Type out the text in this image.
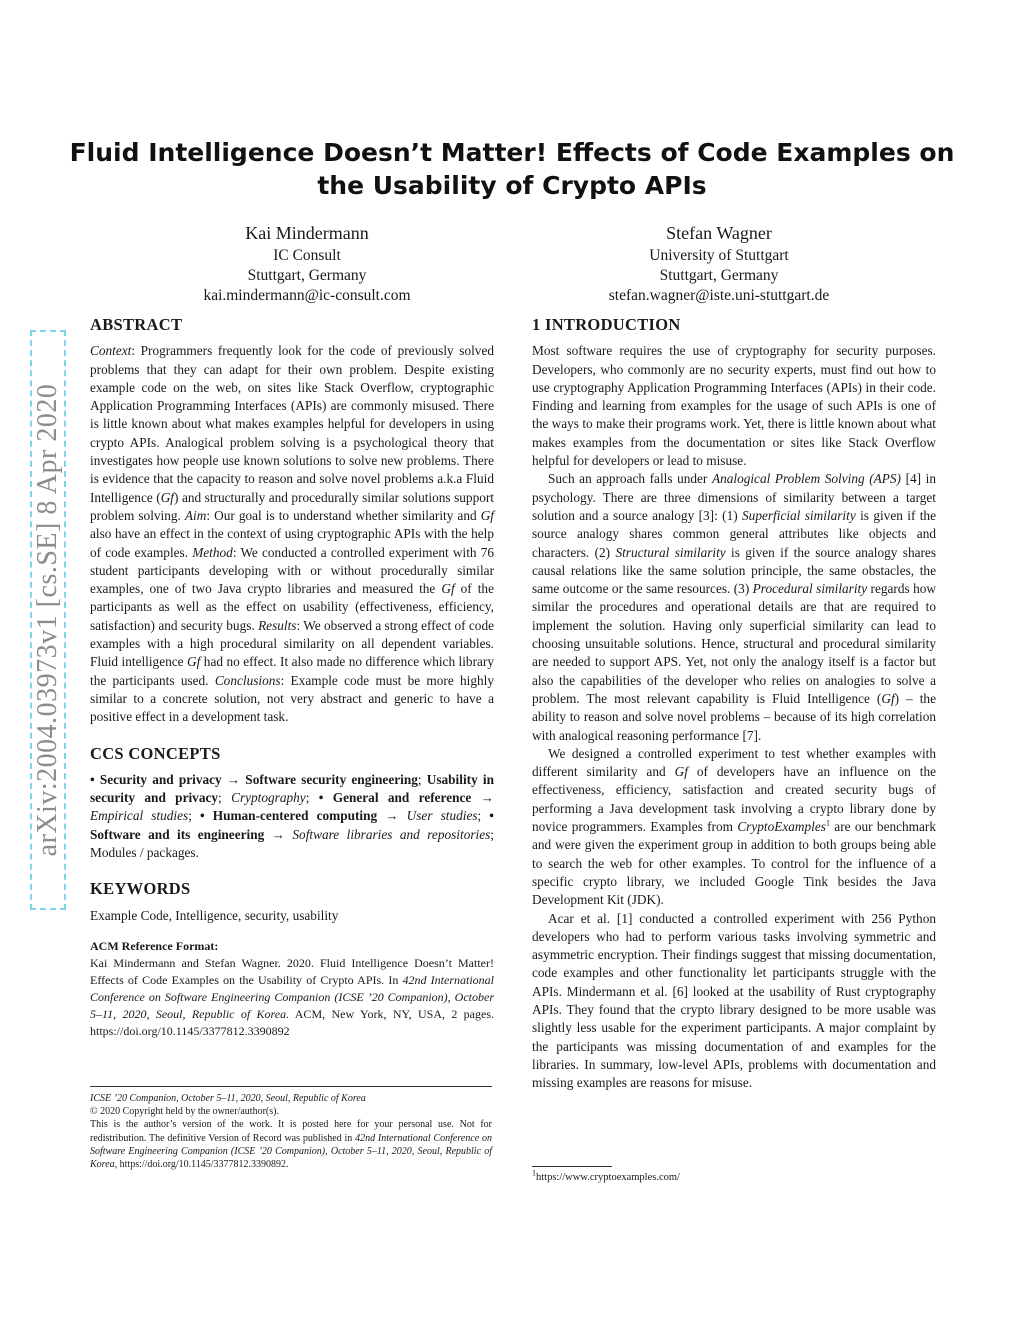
Fluid Intelligence Doesn’t Matter! Effects of Code Examples on the Usability of Crypto APIs
Kai Mindermann
IC Consult
Stuttgart, Germany
kai.mindermann@ic-consult.com
Stefan Wagner
University of Stuttgart
Stuttgart, Germany
stefan.wagner@iste.uni-stuttgart.de
arXiv:2004.03973v1 [cs.SE] 8 Apr 2020
ABSTRACT

Context: Programmers frequently look for the code of previously solved problems that they can adapt for their own problem. Despite existing example code on the web, on sites like Stack Overflow, cryptographic Application Programming Interfaces (APIs) are commonly misused. There is little known about what makes examples helpful for developers in using crypto APIs. Analogical problem solving is a psychological theory that investigates how people use known solutions to solve new problems. There is evidence that the capacity to reason and solve novel problems a.k.a Fluid Intelligence (Gf) and structurally and procedurally similar solutions support problem solving. Aim: Our goal is to understand whether similarity and Gf also have an effect in the context of using cryptographic APIs with the help of code examples. Method: We conducted a controlled experiment with 76 student participants developing with or without procedurally similar examples, one of two Java crypto libraries and measured the Gf of the participants as well as the effect on usability (effectiveness, efficiency, satisfaction) and security bugs. Results: We observed a strong effect of code examples with a high procedural similarity on all dependent variables. Fluid intelligence Gf had no effect. It also made no difference which library the participants used. Conclusions: Example code must be more highly similar to a concrete solution, not very abstract and generic to have a positive effect in a development task.

CCS CONCEPTS

• Security and privacy → Software security engineering; Usability in security and privacy; Cryptography; • General and reference → Empirical studies; • Human-centered computing → User studies; • Software and its engineering → Software libraries and repositories; Modules / packages.

KEYWORDS

Example Code, Intelligence, security, usability

ACM Reference Format:

Kai Mindermann and Stefan Wagner. 2020. Fluid Intelligence Doesn’t Matter! Effects of Code Examples on the Usability of Crypto APIs. In 42nd International Conference on Software Engineering Companion (ICSE ’20 Companion), October 5–11, 2020, Seoul, Republic of Korea. ACM, New York, NY, USA, 2 pages. https://doi.org/10.1145/3377812.3390892

ICSE ’20 Companion, October 5–11, 2020, Seoul, Republic of Korea
© 2020 Copyright held by the owner/author(s).
This is the author’s version of the work. It is posted here for your personal use. Not for redistribution. The definitive Version of Record was published in 42nd International Conference on Software Engineering Companion (ICSE ’20 Companion), October 5–11, 2020, Seoul, Republic of Korea, https://doi.org/10.1145/3377812.3390892.
1 INTRODUCTION

Most software requires the use of cryptography for security purposes. Developers, who commonly are no security experts, must find out how to use cryptography Application Programming Interfaces (APIs) in their code. Finding and learning from examples for the usage of such APIs is one of the ways to make their programs work. Yet, there is little known about what makes examples from the documentation or sites like Stack Overflow helpful for developers or lead to misuse.

Such an approach falls under Analogical Problem Solving (APS) [4] in psychology. There are three dimensions of similarity between a target solution and a source analogy [3]: (1) Superficial similarity is given if the source analogy shares common general attributes like objects and characters. (2) Structural similarity is given if the source analogy shares causal relations like the same solution principle, the same obstacles, the same outcome or the same resources. (3) Procedural similarity regards how similar the procedures and operational details are that are required to implement the solution. Having only superficial similarity can lead to choosing unsuitable solutions. Hence, structural and procedural similarity are needed to support APS. Yet, not only the analogy itself is a factor but also the capabilities of the developer who relies on analogies to solve a problem. The most relevant capability is Fluid Intelligence (Gf) – the ability to reason and solve novel problems – because of its high correlation with analogical reasoning performance [7].

We designed a controlled experiment to test whether examples with different similarity and Gf of developers have an influence on the effectiveness, efficiency, satisfaction and created security bugs of performing a Java development task involving a crypto library done by novice programmers. Examples from CryptoExamples$^1$ are our benchmark and were given the experiment group in addition to both groups being able to search the web for other examples. To control for the influence of a specific crypto library, we included Google Tink besides the Java Development Kit (JDK).

Acar et al. [1] conducted a controlled experiment with 256 Python developers who had to perform various tasks involving symmetric and asymmetric encryption. Their findings suggest that missing documentation, code examples and other functionality let participants struggle with the APIs. Mindermann et al. [6] looked at the usability of Rust cryptography APIs. They found that the crypto library designed to be more usable was slightly less usable for the experiment participants. A major complaint by the participants was missing documentation of and examples for the libraries. In summary, low-level APIs, problems with documentation and missing examples are reasons for misuse.

$^1$https://www.cryptoexamples.com/
